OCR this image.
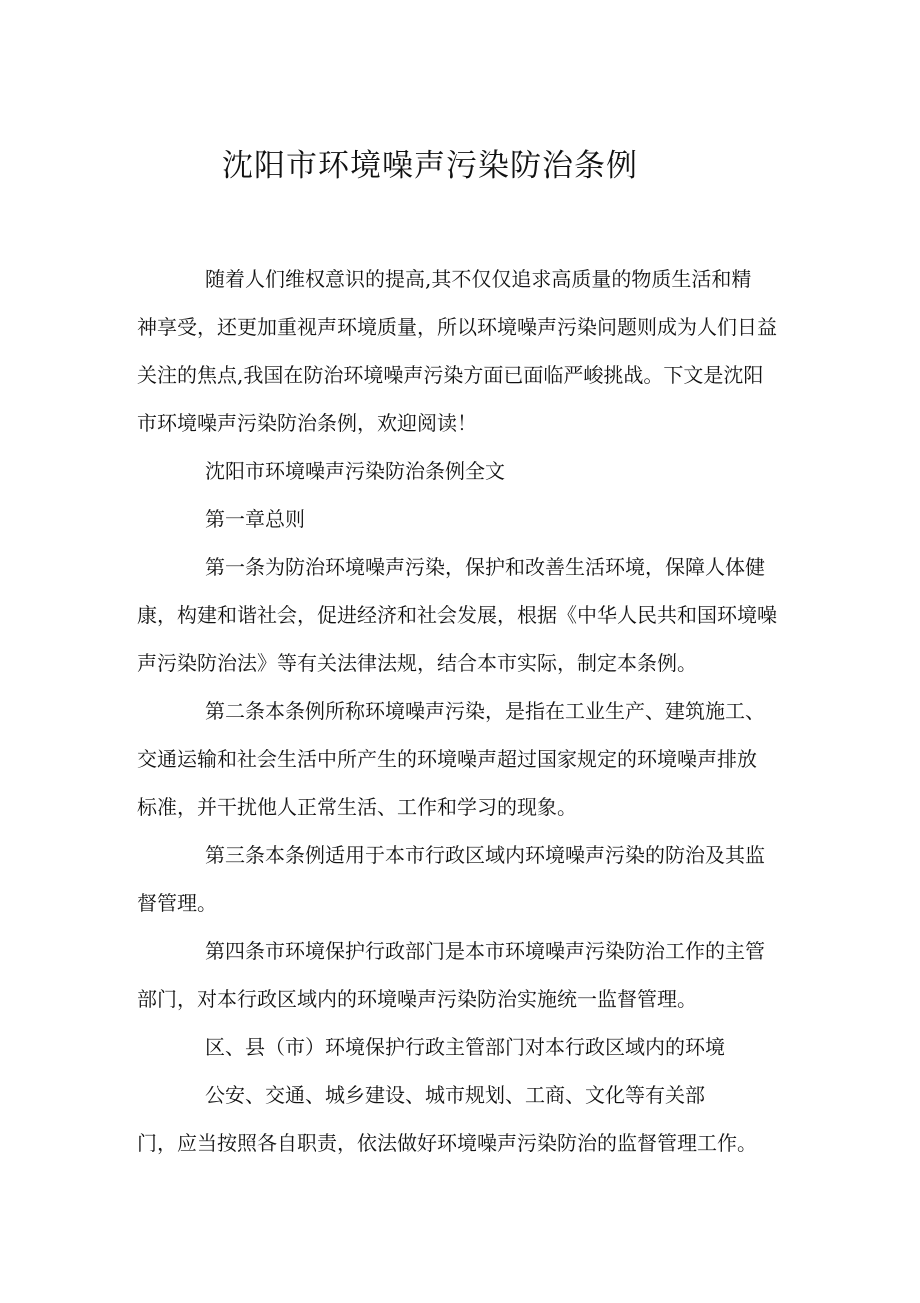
沈阳市环境噪声污染防治条例

随着人们维权意识的提高,其不仅仅追求高质量的物质生活和精

神享受，还更加重视声环境质量，所以环境噪声污染问题则成为人们日益

关注的焦点,我国在防治环境噪声污染方面已面临严峻挑战。下文是沈阳

市环境噪声污染防治条例，欢迎阅读！

沈阳市环境噪声污染防治条例全文

第一章总则

第一条为防治环境噪声污染，保护和改善生活环境，保障人体健

康，构建和谐社会，促进经济和社会发展，根据《中华人民共和国环境噪

声污染防治法》等有关法律法规，结合本市实际，制定本条例。

第二条本条例所称环境噪声污染，是指在工业生产、建筑施工、

交通运输和社会生活中所产生的环境噪声超过国家规定的环境噪声排放

标准，并干扰他人正常生活、工作和学习的现象。

第三条本条例适用于本市行政区域内环境噪声污染的防治及其监

督管理。

第四条市环境保护行政部门是本市环境噪声污染防治工作的主管

部门，对本行政区域内的环境噪声污染防治实施统一监督管理。

区、县（市）环境保护行政主管部门对本行政区域内的环境

公安、交通、城乡建设、城市规划、工商、文化等有关部

门，应当按照各自职责，依法做好环境噪声污染防治的监督管理工作。
